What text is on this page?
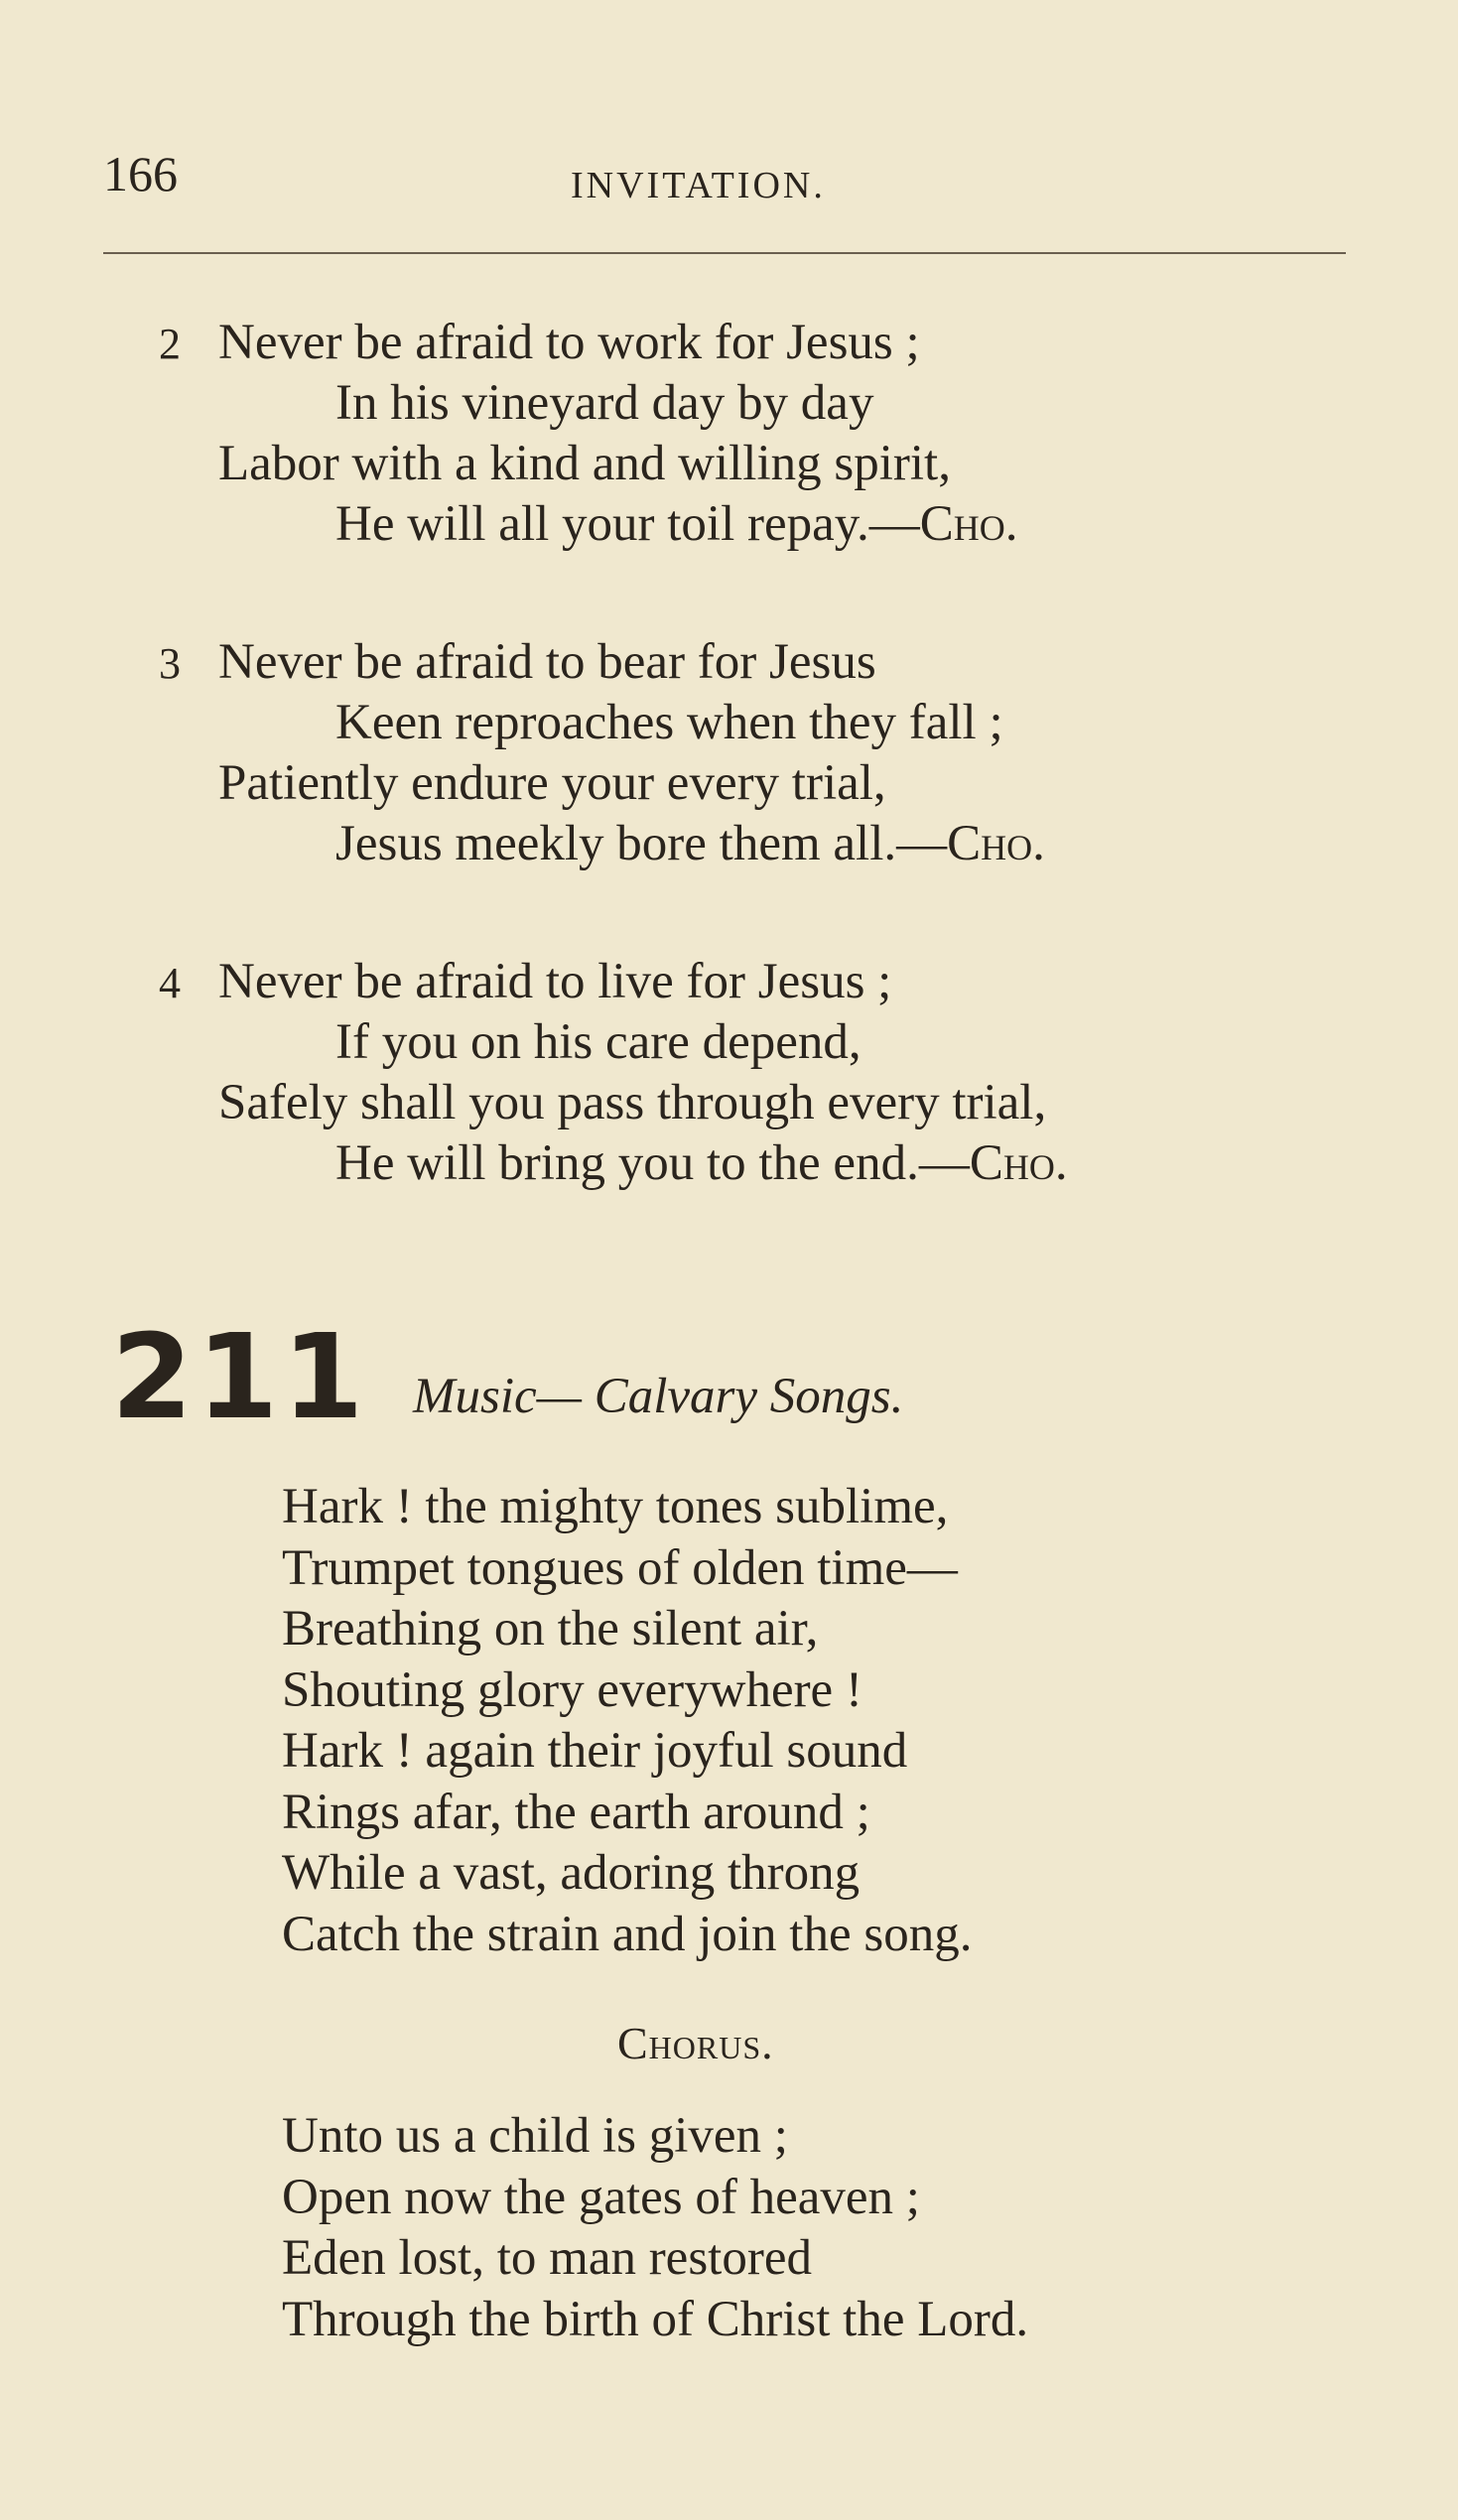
166	INVITATION.
2 Never be afraid to work for Jesus ;
In his vineyard day by day
Labor with a kind and willing spirit,
He will all your toil repay.—Cho.
3 Never be afraid to bear for Jesus
Keen reproaches when they fall ;
Patiently endure your every trial,
Jesus meekly bore them all.—Cho.
4 Never be afraid to live for Jesus ;
If you on his care depend,
Safely shall you pass through every trial,
He will bring you to the end.—Cho.
211 Music— Calvary Songs.
Hark ! the mighty tones sublime,
Trumpet tongues of olden time—
Breathing on the silent air,
Shouting glory everywhere !
Hark ! again their joyful sound
Rings afar, the earth around ;
While a vast, adoring throng
Catch the strain and join the song.
Chorus.
Unto us a child is given ;
Open now the gates of heaven ;
Eden lost, to man restored
Through the birth of Christ the Lord.
